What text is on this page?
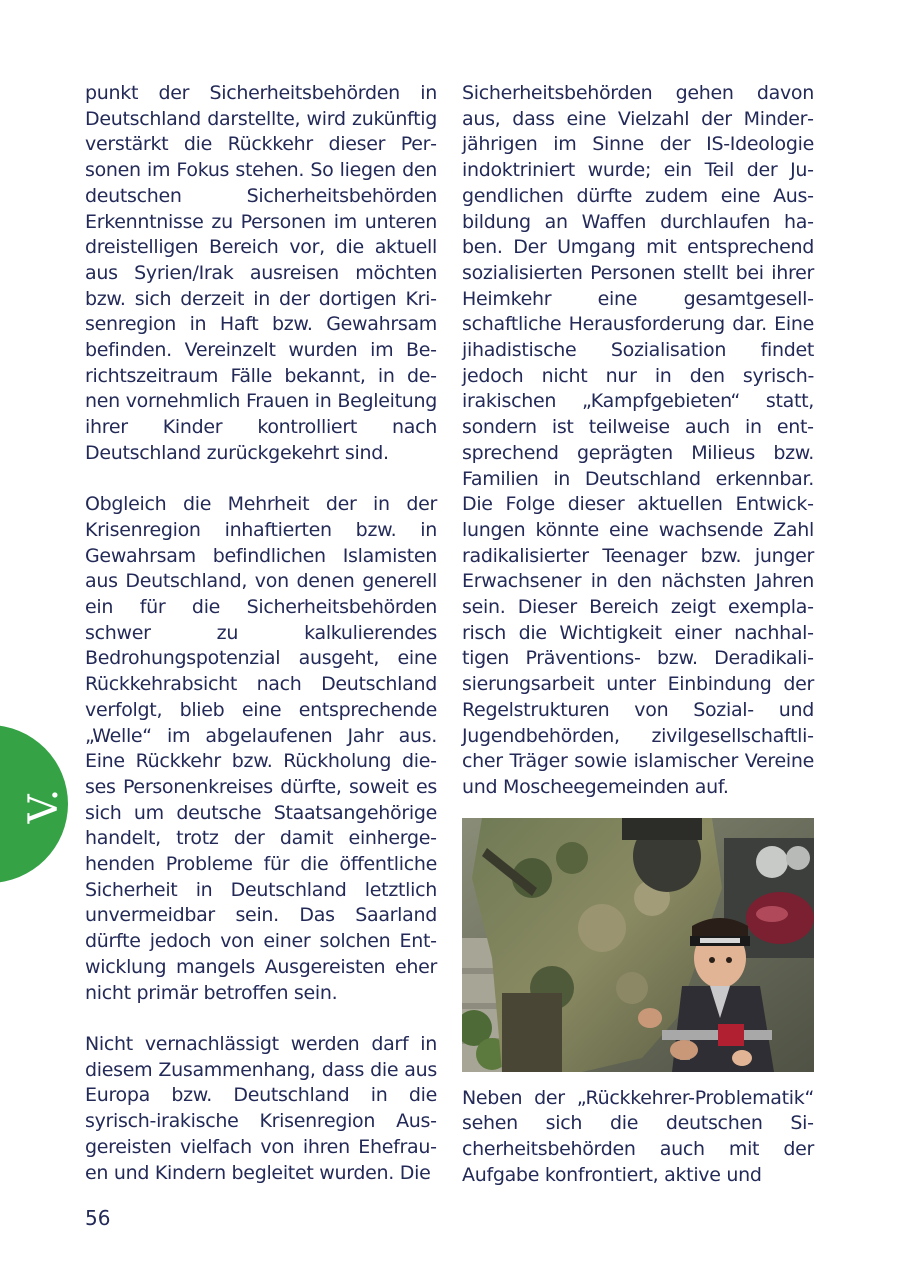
V.

punkt der Sicherheitsbehörden in Deutschland darstellte, wird zukünftig verstärkt die Rückkehr dieser Personen im Fokus stehen. So liegen den deutschen Sicherheitsbehörden Erkenntnisse zu Personen im unteren dreistelligen Bereich vor, die aktuell aus Syrien/Irak ausreisen möchten bzw. sich derzeit in der dortigen Krisenregion in Haft bzw. Gewahrsam befinden. Vereinzelt wurden im Berichtszeitraum Fälle bekannt, in denen vornehmlich Frauen in Begleitung ihrer Kinder kontrolliert nach Deutschland zurückgekehrt sind.

Obgleich die Mehrheit der in der Krisenregion inhaftierten bzw. in Gewahrsam befindlichen Islamisten aus Deutschland, von denen generell ein für die Sicherheitsbehörden schwer zu kalkulierendes Bedrohungspotenzial ausgeht, eine Rückkehrabsicht nach Deutschland verfolgt, blieb eine entsprechende „Welle“ im abgelaufenen Jahr aus. Eine Rückkehr bzw. Rückholung dieses Personenkreises dürfte, soweit es sich um deutsche Staatsangehörige handelt, trotz der damit einhergehenden Probleme für die öffentliche Sicherheit in Deutschland letztlich unvermeidbar sein. Das Saarland dürfte jedoch von einer solchen Entwicklung mangels Ausgereisten eher nicht primär betroffen sein.

Nicht vernachlässigt werden darf in diesem Zusammenhang, dass die aus Europa bzw. Deutschland in die syrisch-irakische Krisenregion Ausgereisten vielfach von ihren Ehefrauen und Kindern begleitet wurden. Die

Sicherheitsbehörden gehen davon aus, dass eine Vielzahl der Minderjährigen im Sinne der IS-Ideologie indoktriniert wurde; ein Teil der Jugendlichen dürfte zudem eine Ausbildung an Waffen durchlaufen haben. Der Umgang mit entsprechend sozialisierten Personen stellt bei ihrer Heimkehr eine gesamtgesellschaftliche Herausforderung dar. Eine jihadistische Sozialisation findet jedoch nicht nur in den syrisch-irakischen „Kampfgebieten“ statt, sondern ist teilweise auch in entsprechend geprägten Milieus bzw. Familien in Deutschland erkennbar. Die Folge dieser aktuellen Entwicklungen könnte eine wachsende Zahl radikalisierter Teenager bzw. junger Erwachsener in den nächsten Jahren sein. Dieser Bereich zeigt exemplarisch die Wichtigkeit einer nachhaltigen Präventions- bzw. Deradikalisierungsarbeit unter Einbindung der Regelstrukturen von Sozial- und Jugendbehörden, zivilgesellschaftlicher Träger sowie islamischer Vereine und Moscheegemeinden auf.

Neben der „Rückkehrer-Problematik“ sehen sich die deutschen Sicherheitsbehörden auch mit der Aufgabe konfrontiert, aktive und

56
